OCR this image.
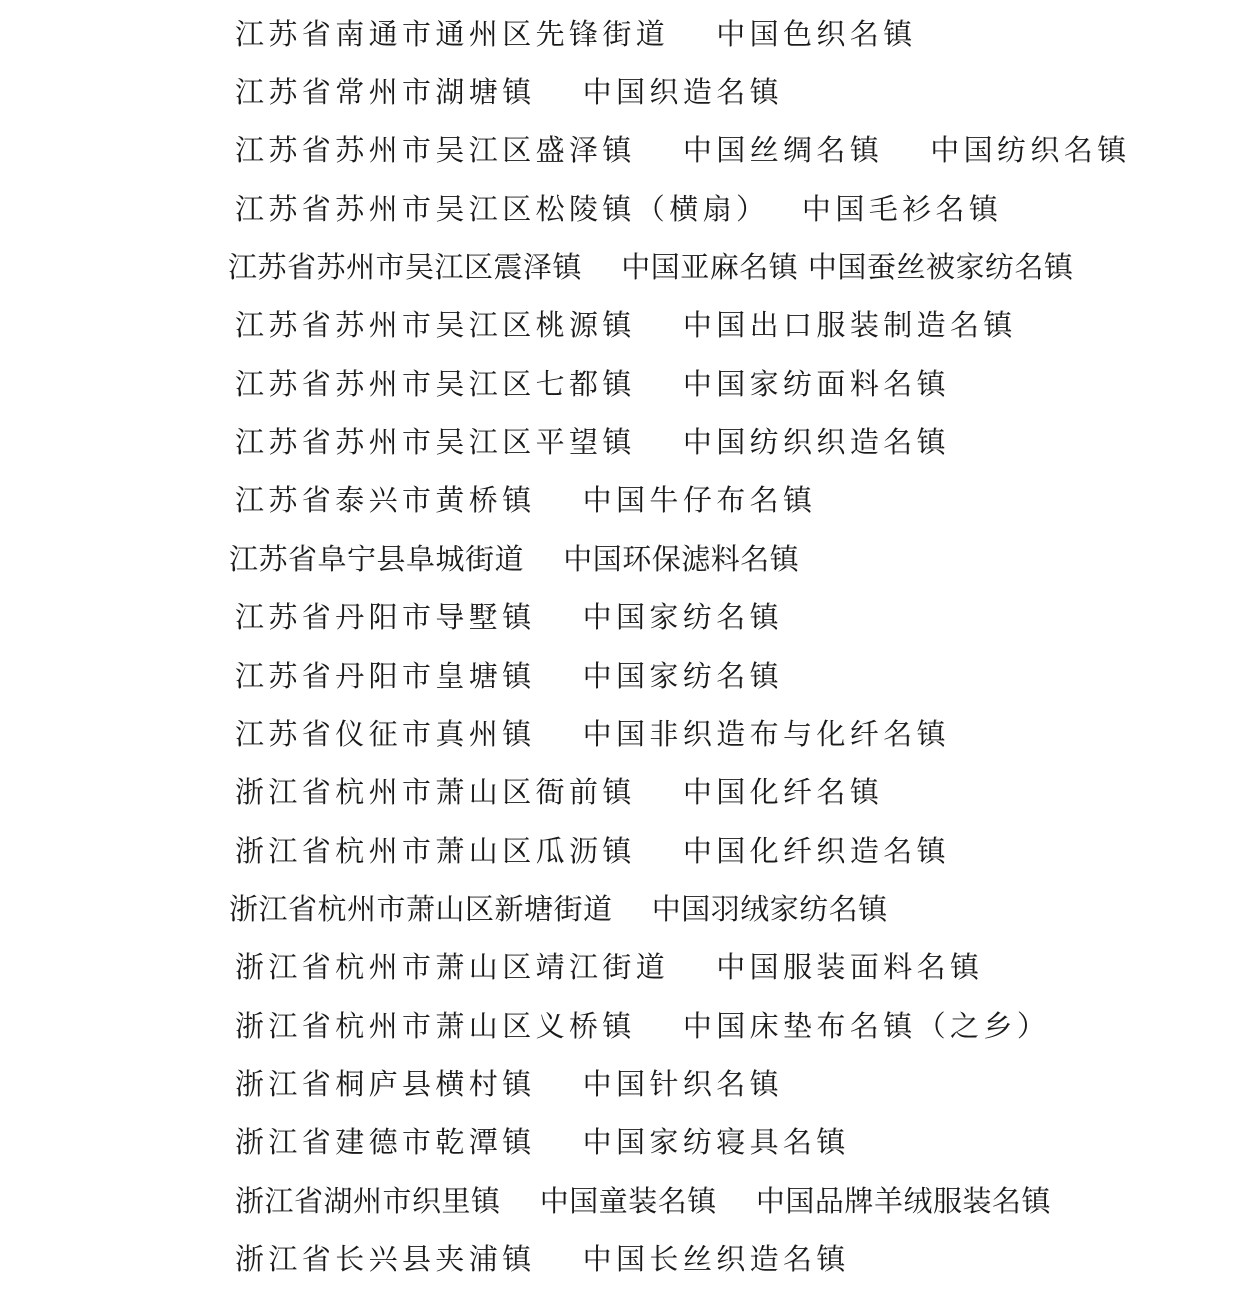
江苏省南通市通州区先锋街道　 中国色织名镇
江苏省常州市湖塘镇　 中国织造名镇
江苏省苏州市吴江区盛泽镇　 中国丝绸名镇　 中国纺织名镇
江苏省苏州市吴江区松陵镇（横扇）　 中国毛衫名镇
江苏省苏州市吴江区震泽镇　 中国亚麻名镇 中国蚕丝被家纺名镇
江苏省苏州市吴江区桃源镇　 中国出口服装制造名镇
江苏省苏州市吴江区七都镇　 中国家纺面料名镇
江苏省苏州市吴江区平望镇　 中国纺织织造名镇
江苏省泰兴市黄桥镇　 中国牛仔布名镇
江苏省阜宁县阜城街道　 中国环保滤料名镇
江苏省丹阳市导墅镇　 中国家纺名镇
江苏省丹阳市皇塘镇　 中国家纺名镇
江苏省仪征市真州镇　 中国非织造布与化纤名镇
浙江省杭州市萧山区衙前镇　 中国化纤名镇
浙江省杭州市萧山区瓜沥镇　 中国化纤织造名镇
浙江省杭州市萧山区新塘街道　 中国羽绒家纺名镇
浙江省杭州市萧山区靖江街道　 中国服装面料名镇
浙江省杭州市萧山区义桥镇　 中国床垫布名镇（之乡）
浙江省桐庐县横村镇　 中国针织名镇
浙江省建德市乾潭镇　 中国家纺寝具名镇
浙江省湖州市织里镇　 中国童装名镇　 中国品牌羊绒服装名镇
浙江省长兴县夹浦镇　 中国长丝织造名镇
